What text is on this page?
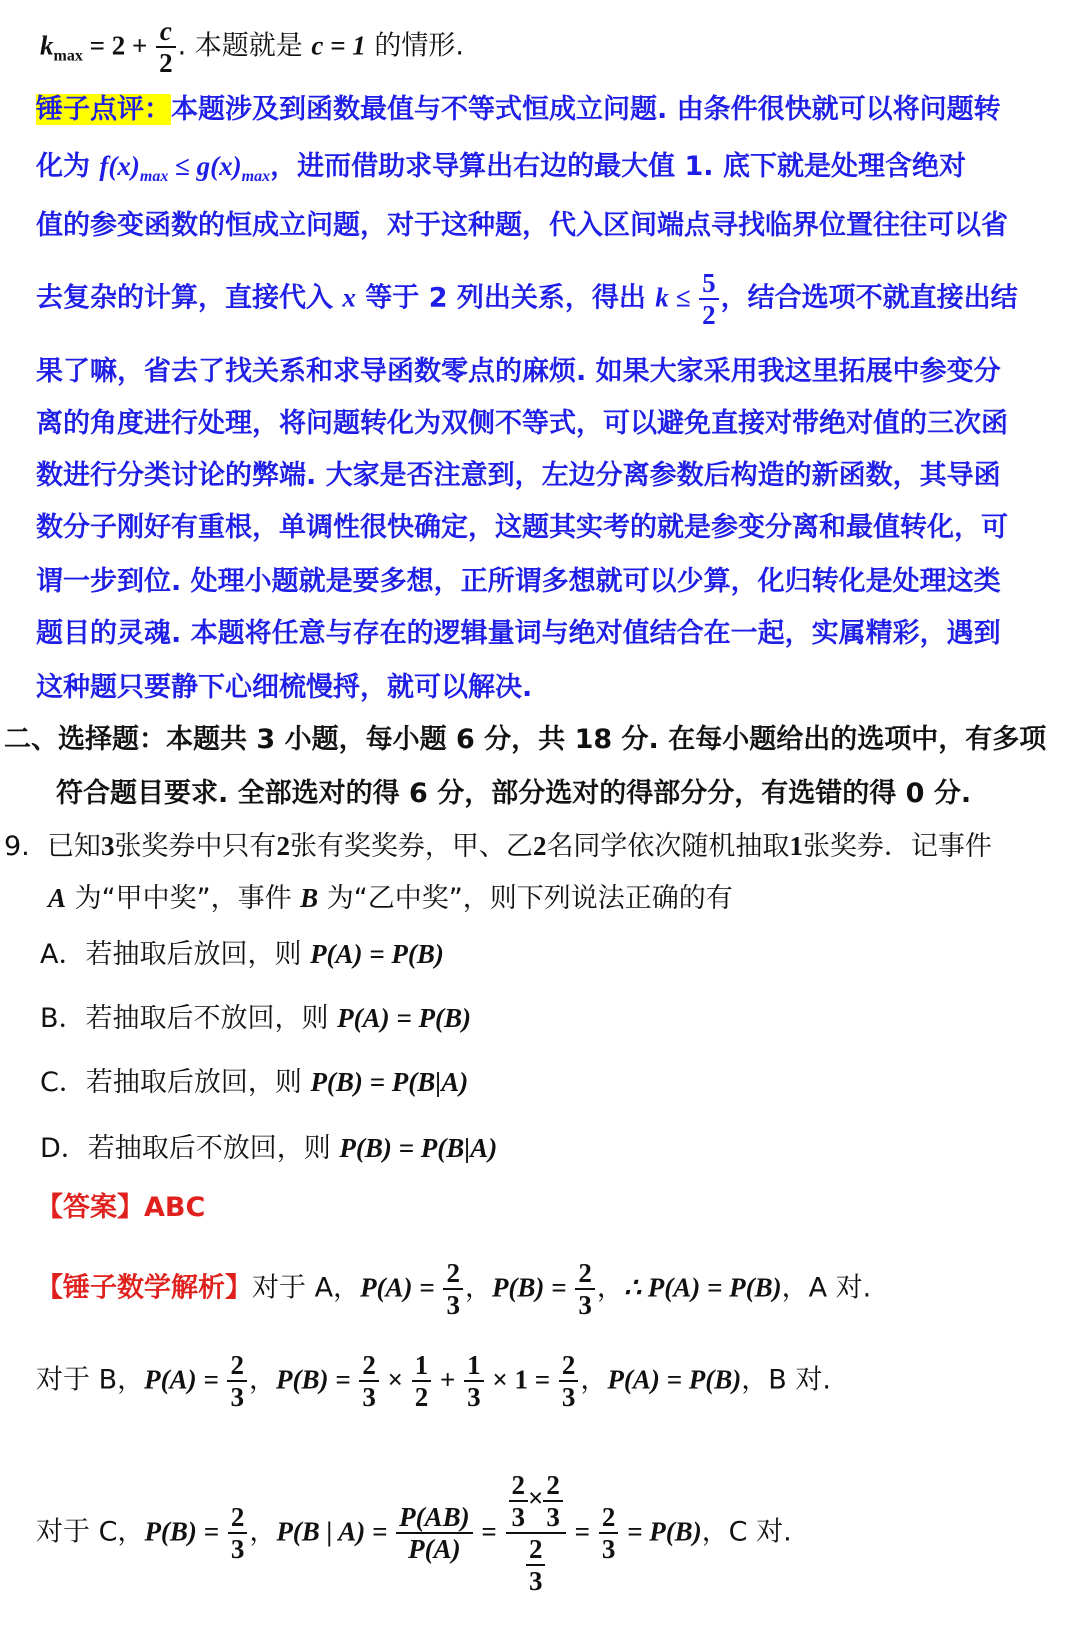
$k_{max} = 2 + \frac{c}{2}$ . 本题就是 c = 1 的情形.
锤子点评：本题涉及到函数最值与不等式恒成立问题. 由条件很快就可以将问题转
化为 $f(x)_{max} \le g(x)_{max}$，进而借助求导算出右边的最大值 1. 底下就是处理含绝对
值的参变函数的恒成立问题，对于这种题，代入区间端点寻找临界位置往往可以省
去复杂的计算，直接代入 x 等于 2 列出关系，得出 $k \le \frac{5}{2}$ ，结合选项不就直接出结
果了嘛，省去了找关系和求导函数零点的麻烦. 如果大家采用我这里拓展中参变分
离的角度进行处理，将问题转化为双侧不等式，可以避免直接对带绝对值的三次函
数进行分类讨论的弊端. 大家是否注意到，左边分离参数后构造的新函数，其导函
数分子刚好有重根，单调性很快确定，这题其实考的就是参变分离和最值转化，可
谓一步到位. 处理小题就是要多想，正所谓多想就可以少算，化归转化是处理这类
题目的灵魂. 本题将任意与存在的逻辑量词与绝对值结合在一起，实属精彩，遇到
这种题只要静下心细梳慢捋，就可以解决.
二、选择题：本题共 3 小题，每小题 6 分，共 18 分. 在每小题给出的选项中，有多项
符合题目要求. 全部选对的得 6 分，部分选对的得部分分，有选错的得 0 分.
9. 已知3张奖券中只有2张有奖奖券，甲、乙2名同学依次随机抽取1张奖券．记事件
A 为“甲中奖”，事件 B 为“乙中奖”，则下列说法正确的有
A．若抽取后放回，则 P(A) = P(B)
B．若抽取后不放回，则 P(A) = P(B)
C．若抽取后放回，则 P(B) = P(B|A)
D．若抽取后不放回，则 P(B) = P(B|A)
【答案】ABC
【锤子数学解析】对于 A，$P(A) = \frac{2}{3}$ ，$P(B) = \frac{2}{3}$ ，∴ P(A) = P(B)，A 对.
对于 B，$P(A) = \frac{2}{3}$ ，$P(B) = \frac{2}{3} \times \frac{1}{2} + \frac{1}{3} \times 1 = \frac{2}{3}$ ，P(A) = P(B)，B 对.
对于 C，$P(B) = \frac{2}{3}$ ，P(B | $A) = \frac{P(AB)}{P(A)} = \frac{\frac{2}{3} \times \frac{2}{3}}{\frac{2}{3}} = \frac{2}{3} = P(B)$，C 对.
